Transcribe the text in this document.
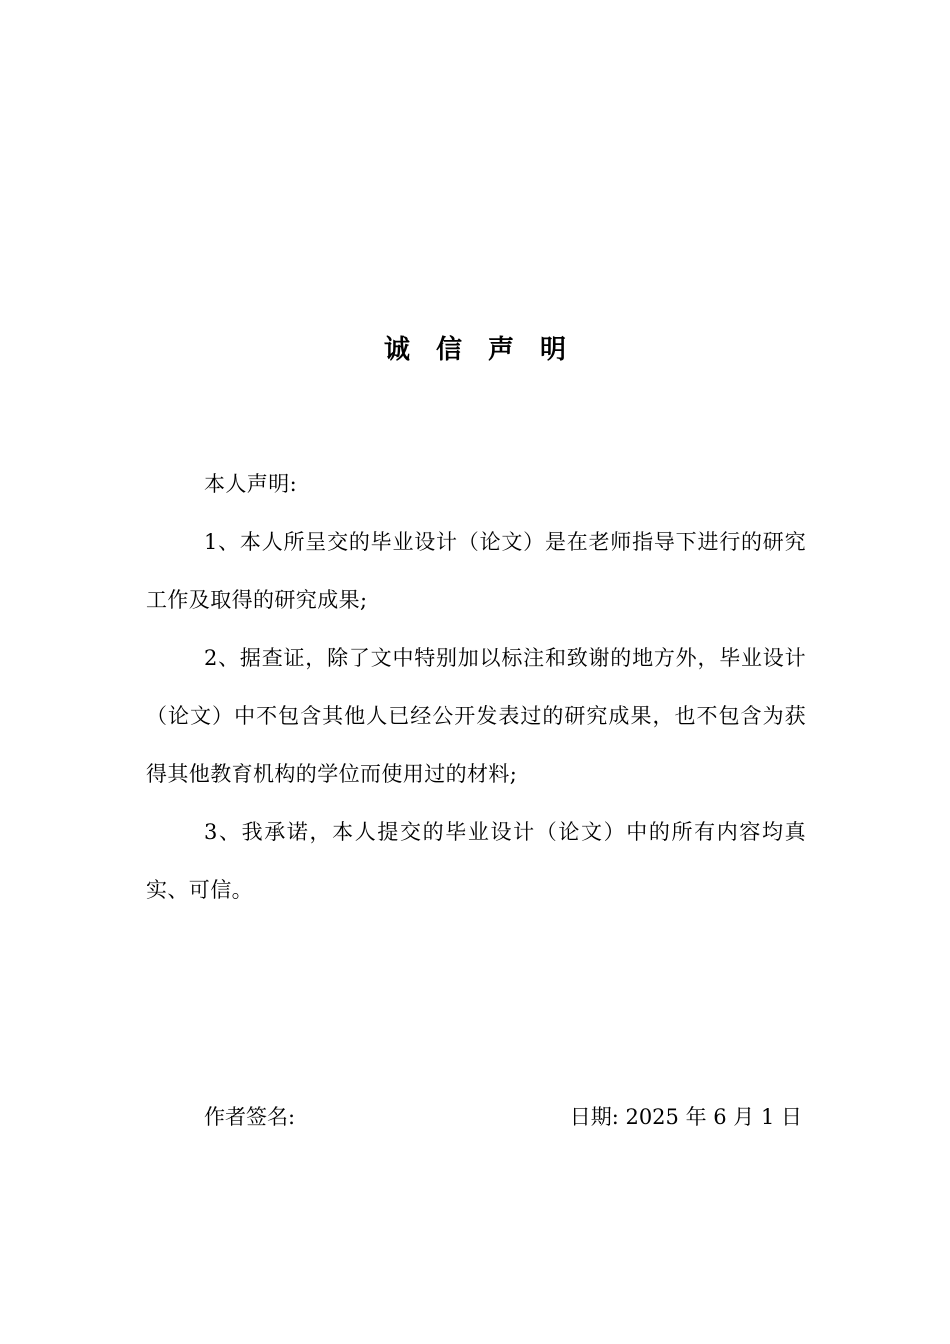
诚信声明
本人声明:
1、本人所呈交的毕业设计（论文）是在老师指导下进行的研究工作及取得的研究成果;
2、据查证，除了文中特别加以标注和致谢的地方外，毕业设计（论文）中不包含其他人已经公开发表过的研究成果，也不包含为获得其他教育机构的学位而使用过的材料;
3、我承诺，本人提交的毕业设计（论文）中的所有内容均真实、可信。
作者签名:	日期: 2025 年 6 月 1 日
